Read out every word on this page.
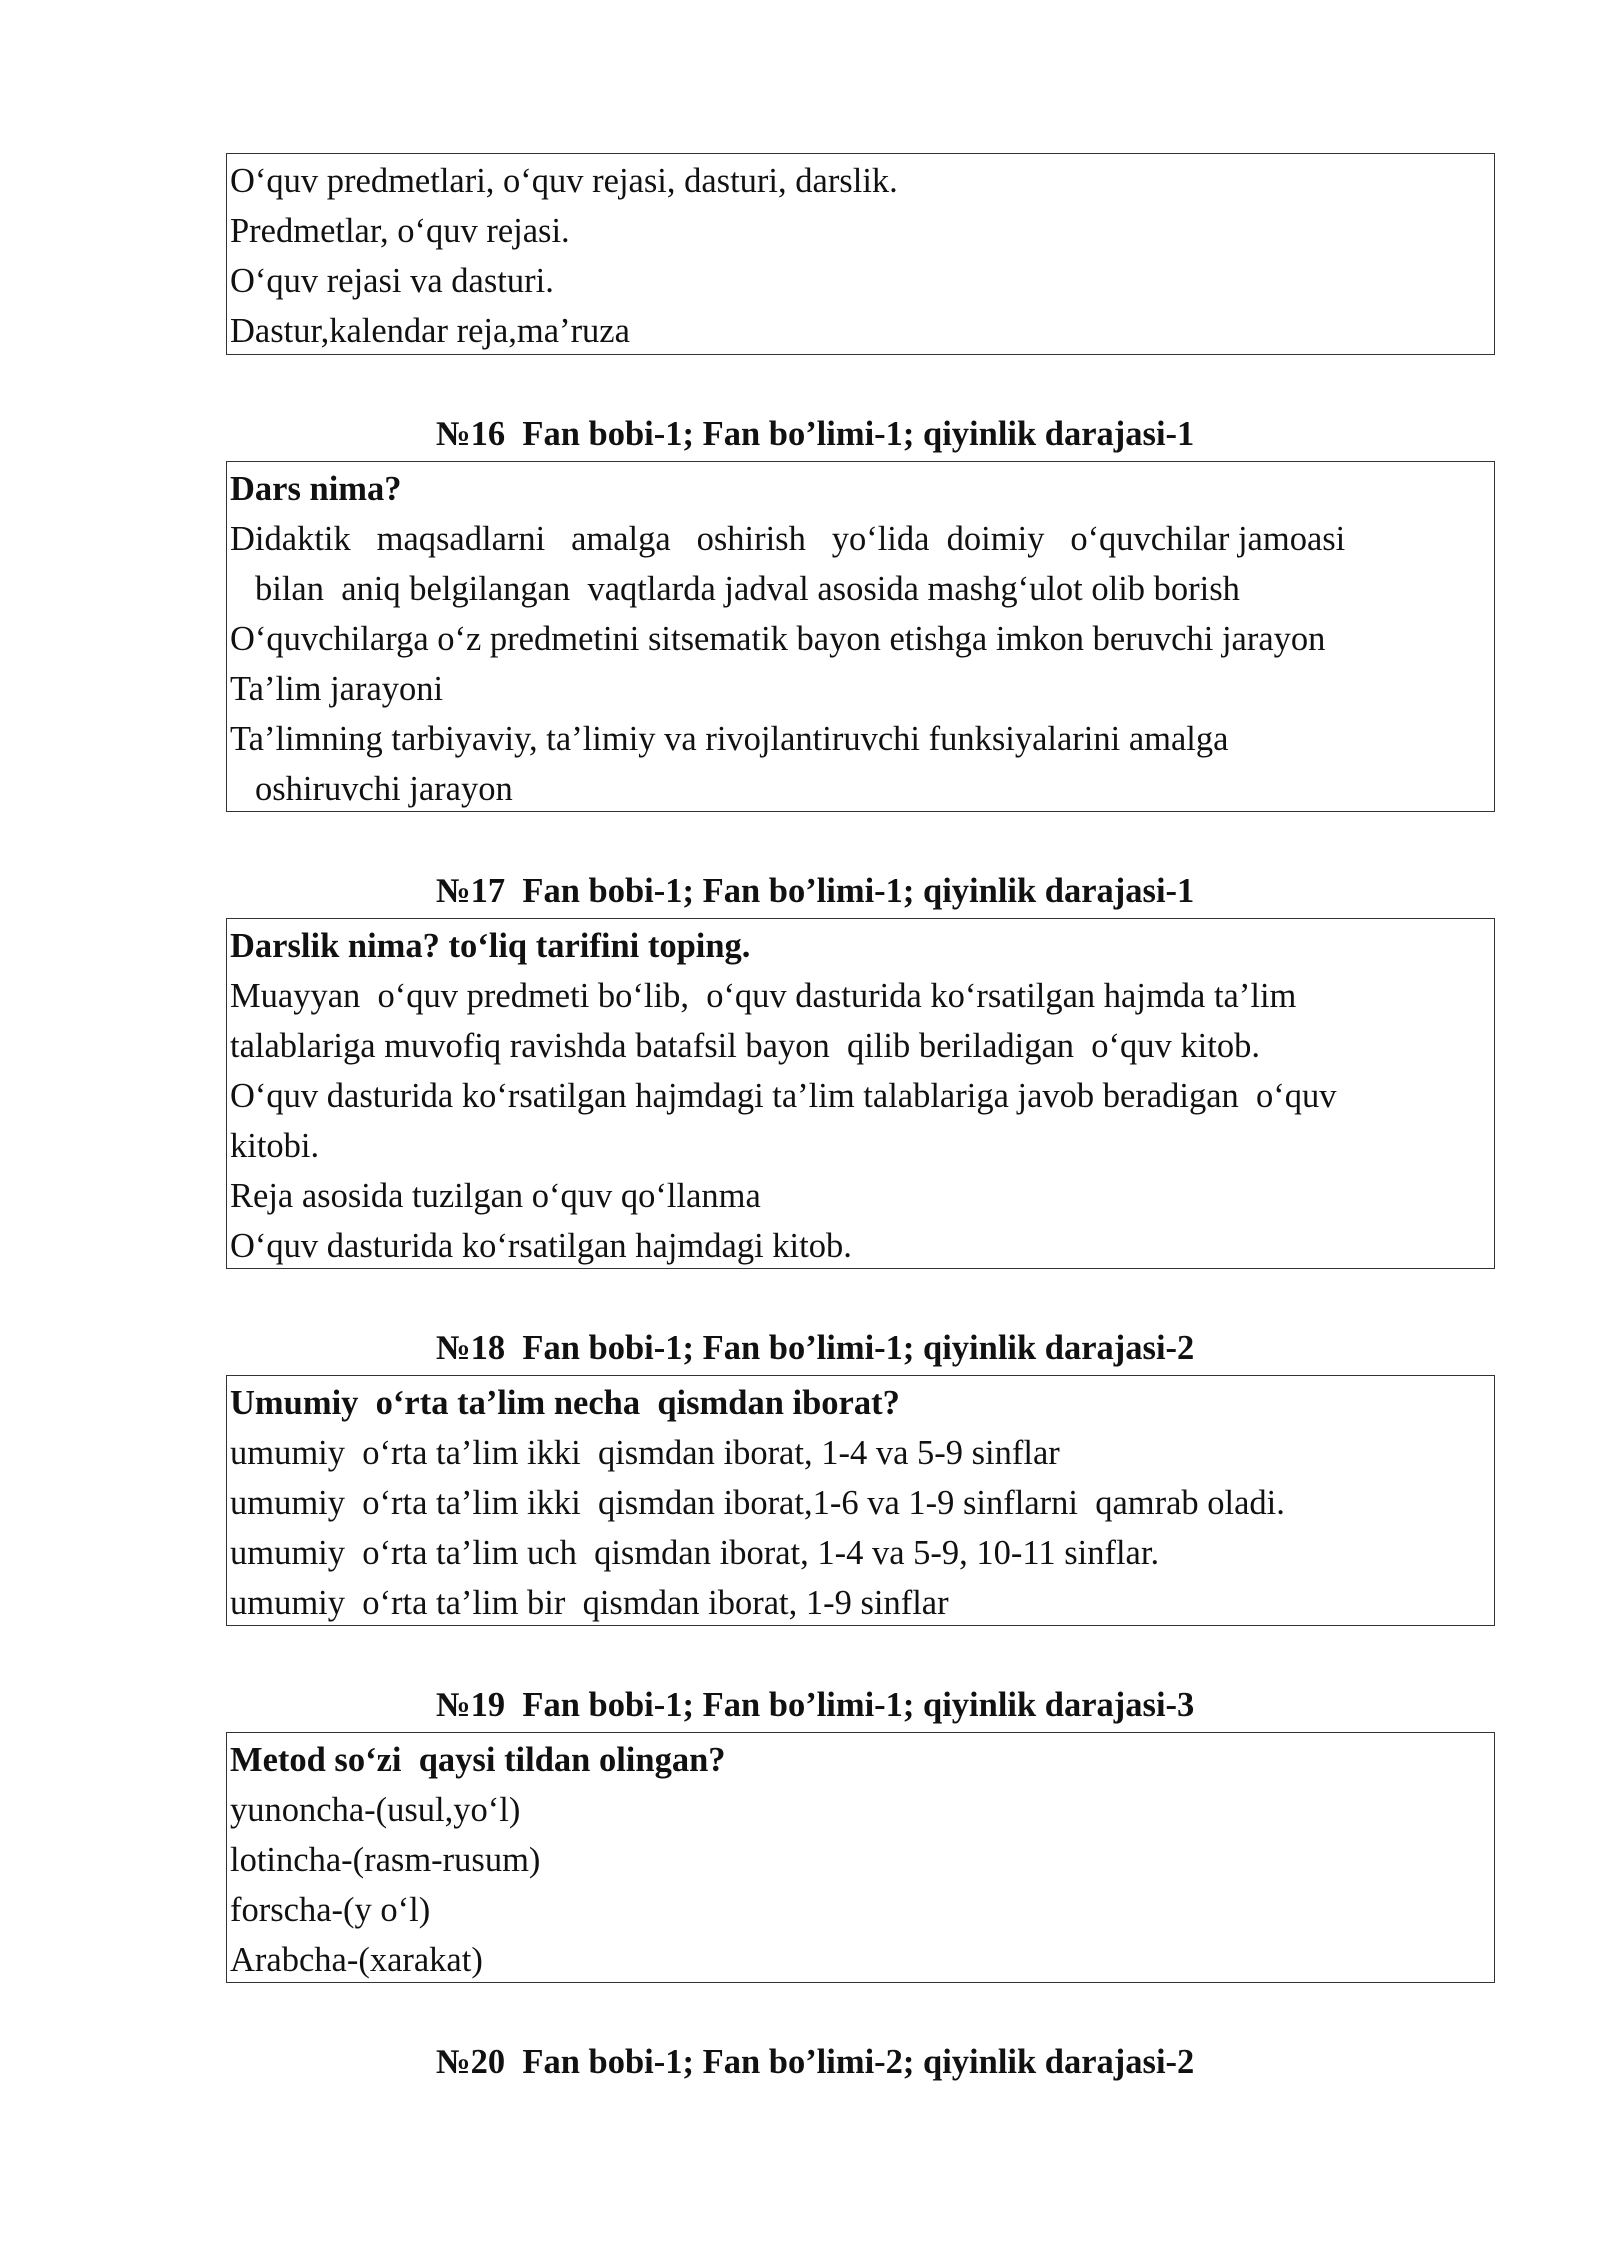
O‘quv predmetlari, o‘quv rejasi, dasturi, darslik.
Predmetlar, o‘quv rejasi.
O‘quv rejasi va dasturi.
Dastur,kalendar reja,ma’ruza
№16  Fan bobi-1; Fan bo’limi-1; qiyinlik darajasi-1
Dars nima?
Didaktik   maqsadlarni   amalga   oshirish   yo‘lida  doimiy   o‘quvchilar jamoasi
bilan  aniq belgilangan  vaqtlarda jadval asosida mashg‘ulot olib borish
O‘quvchilarga o‘z predmetini sitsematik bayon etishga imkon beruvchi jarayon
Ta’lim jarayoni
Ta’limning tarbiyaviy, ta’limiy va rivojlantiruvchi funksiyalarini amalga
oshiruvchi jarayon
№17  Fan bobi-1; Fan bo’limi-1; qiyinlik darajasi-1
Darslik nima? to‘liq tarifini toping.
Muayyan  o‘quv predmeti bo‘lib,  o‘quv dasturida ko‘rsatilgan hajmda ta’lim
talablariga muvofiq ravishda batafsil bayon  qilib beriladigan  o‘quv kitob.
O‘quv dasturida ko‘rsatilgan hajmdagi ta’lim talablariga javob beradigan  o‘quv
kitobi.
Reja asosida tuzilgan o‘quv qo‘llanma
O‘quv dasturida ko‘rsatilgan hajmdagi kitob.
№18  Fan bobi-1; Fan bo’limi-1; qiyinlik darajasi-2
Umumiy  o‘rta ta’lim necha  qismdan iborat?
umumiy  o‘rta ta’lim ikki  qismdan iborat, 1-4 va 5-9 sinflar
umumiy  o‘rta ta’lim ikki  qismdan iborat,1-6 va 1-9 sinflarni  qamrab oladi.
umumiy  o‘rta ta’lim uch  qismdan iborat, 1-4 va 5-9, 10-11 sinflar.
umumiy  o‘rta ta’lim bir  qismdan iborat, 1-9 sinflar
№19  Fan bobi-1; Fan bo’limi-1; qiyinlik darajasi-3
Metod so‘zi  qaysi tildan olingan?
yunoncha-(usul,yo‘l)
lotincha-(rasm-rusum)
forscha-(y o‘l)
Arabcha-(xarakat)
№20  Fan bobi-1; Fan bo’limi-2; qiyinlik darajasi-2
